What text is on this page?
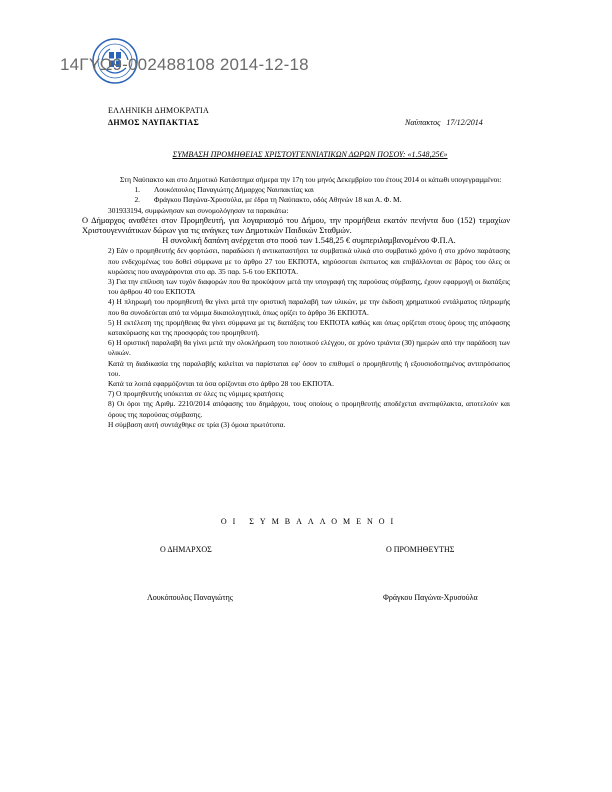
14ΓΥΩ9-002488108 2014-12-18
ΕΛΛΗΝΙΚΗ ΔΗΜΟΚΡΑΤΙΑ
ΔΗΜΟΣ ΝΑΥΠΑΚΤΙΑΣ	Ναύπακτος 17/12/2014
ΣΥΜΒΑΣΗ ΠΡΟΜΗΘΕΙΑΣ ΧΡΙΣΤΟΥΓΕΝΝΙΑΤΙΚΩΝ ΔΩΡΩΝ ΠΟΣΟΥ: «1.548,25€»

Στη Ναύπακτο και στο Δημοτικό Κατάστημα σήμερα την 17η του μηνός Δεκεμβρίου του έτους 2014 οι κάτωθι υπογεγραμμένοι:

1.	Λουκόπουλος Παναγιώτης Δήμαρχος Ναυπακτίας και
2.	Φράγκου Παγώνα-Χρυσούλα, με έδρα τη Ναύπακτο, οδός Αθηνών 18 και Α. Φ. Μ.

301933194, συμφώνησαν και συνομολόγησαν τα παρακάτω:

Ο Δήμαρχος αναθέτει στον Προμηθευτή, για λογαριασμό του Δήμου, την προμήθεια εκατόν πενήντα δυο (152) τεμαχίων Χριστουγεννιάτικων δώρων για τις ανάγκες των Δημοτικών Παιδικών Σταθμών.

Η συνολική δαπάνη ανέρχεται στο ποσό των 1.548,25 € συμπεριλαμβανομένου Φ.Π.Α.

2) Εάν ο προμηθευτής δεν φορτώσει, παραδώσει ή αντικαταστήσει τα συμβατικά υλικά στο συμβατικό χρόνο ή στο χρόνο παράτασης που ενδεχομένως του δοθεί σύμφωνα με το άρθρο 27 του ΕΚΠΟΤΑ, κηρύσσεται έκπτωτος και επιβάλλονται σε βάρος του όλες οι κυρώσεις που αναγράφονται στο αρ. 35 παρ. 5-6 του ΕΚΠΟΤΑ.

3) Για την επίλυση των τυχόν διαφορών που θα προκύψουν μετά την υπογραφή της παρούσας σύμβασης, έχουν εφαρμογή οι διατάξεις του άρθρου 40 του ΕΚΠΟΤΑ

4) Η πληρωμή του προμηθευτή θα γίνει μετά την οριστική παραλαβή των υλικών, με την έκδοση χρηματικού εντάλματος πληρωμής που θα συνοδεύεται από τα νόμιμα δικαιολογητικά, όπως ορίζει το άρθρο 36 ΕΚΠΟΤΑ.

5) Η εκτέλεση της προμήθειας θα γίνει σύμφωνα με τις διατάξεις του ΕΚΠΟΤΑ καθώς και όπως ορίζεται στους όρους της απόφασης κατακύρωσης και της προσφοράς του προμηθευτή.

6) Η οριστική παραλαβή θα γίνει μετά την ολοκλήρωση του ποιοτικού ελέγχου, σε χρόνο τριάντα (30) ημερών από την παράδοση των υλικών.

Κατά τη διαδικασία της παραλαβής καλείται να παρίσταται εφ' όσον το επιθυμεί ο προμηθευτής ή εξουσιοδοτημένος αντιπρόσωπος του.

Κατά τα λοιπά εφαρμόζονται τα όσα ορίζονται στο άρθρο 28 του ΕΚΠΟΤΑ.

7) Ο προμηθευτής υπόκειται σε όλες τις νόμιμες κρατήσεις

8) Οι όροι της Αριθμ. 2210/2014 απόφασης του δημάρχου, τους οποίους ο προμηθευτής αποδέχεται ανεπιφύλακτα, αποτελούν και όρους της παρούσας σύμβασης.

Η σύμβαση αυτή συντάχθηκε σε τρία (3) όμοια πρωτότυπα.

ΟΙ ΣΥΜΒΑΛΛΟΜΕΝΟΙ
Ο ΔΗΜΑΡΧΟΣ	Ο ΠΡΟΜΗΘΕΥΤΗΣ
Λουκόπουλος Παναγιώτης	Φράγκου Παγώνα-Χρυσούλα
